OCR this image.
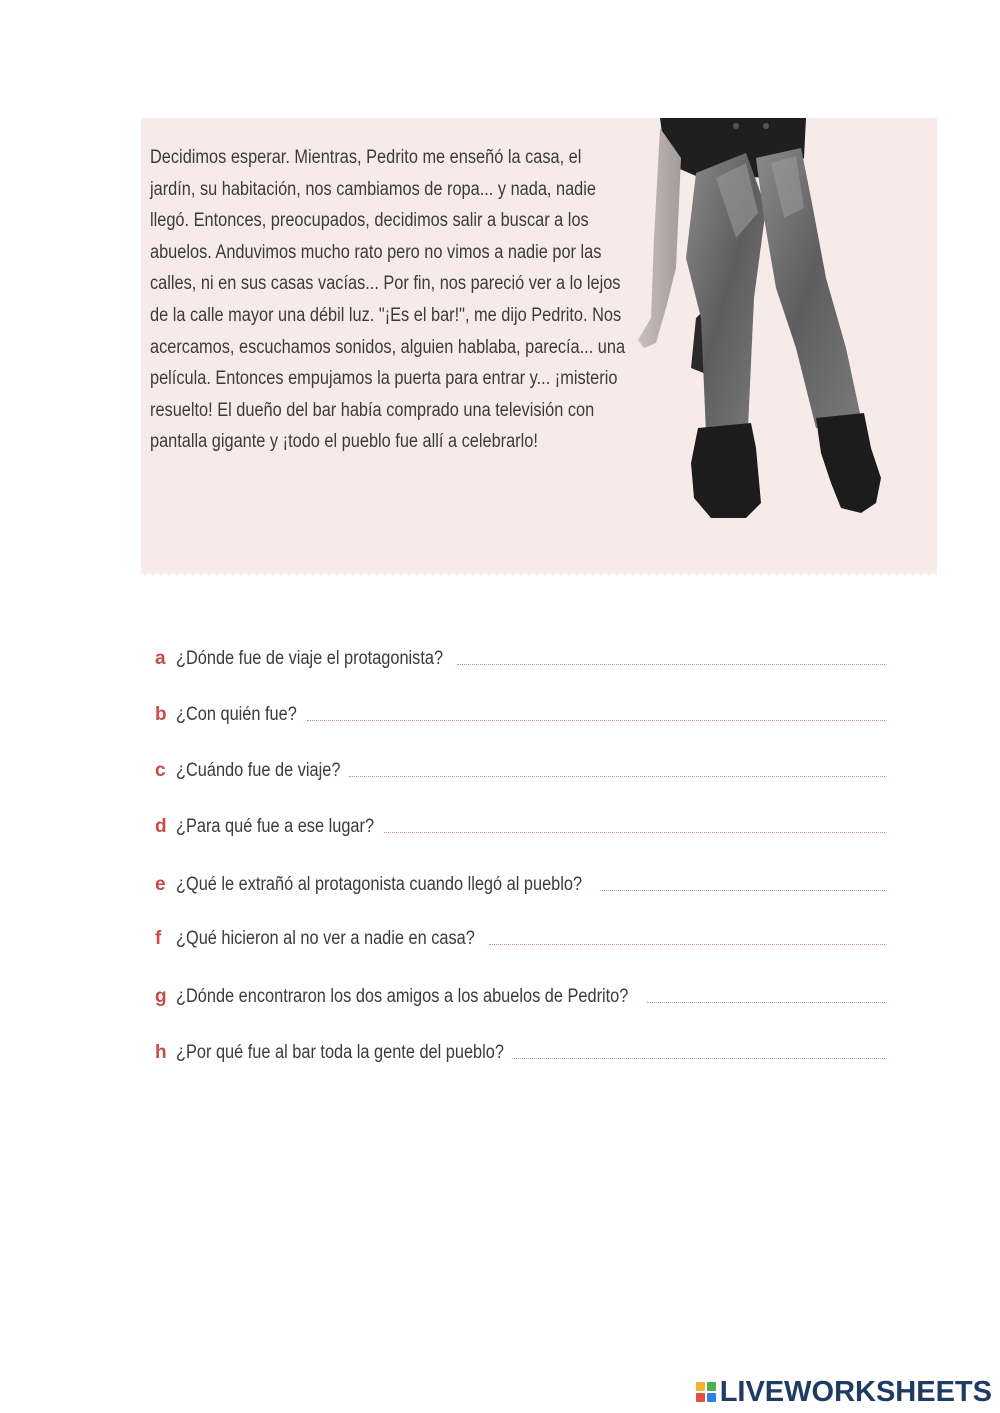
Decidimos esperar. Mientras, Pedrito me enseñó la casa, el
jardín, su habitación, nos cambiamos de ropa... y nada, nadie
llegó. Entonces, preocupados, decidimos salir a buscar a los
abuelos. Anduvimos mucho rato pero no vimos a nadie por las
calles, ni en sus casas vacías... Por fin, nos pareció ver a lo lejos
de la calle mayor una débil luz. "¡Es el bar!", me dijo Pedrito. Nos
acercamos, escuchamos sonidos, alguien hablaba, parecía... una
película. Entonces empujamos la puerta para entrar y... ¡misterio
resuelto! El dueño del bar había comprado una televisión con
pantalla gigante y ¡todo el pueblo fue allí a celebrarlo!
a ¿Dónde fue de viaje el protagonista?
b ¿Con quién fue?
c ¿Cuándo fue de viaje?
d ¿Para qué fue a ese lugar?
e ¿Qué le extrañó al protagonista cuando llegó al pueblo?
f ¿Qué hicieron al no ver a nadie en casa?
g ¿Dónde encontraron los dos amigos a los abuelos de Pedrito?
h ¿Por qué fue al bar toda la gente del pueblo?
LIVEWORKSHEETS
